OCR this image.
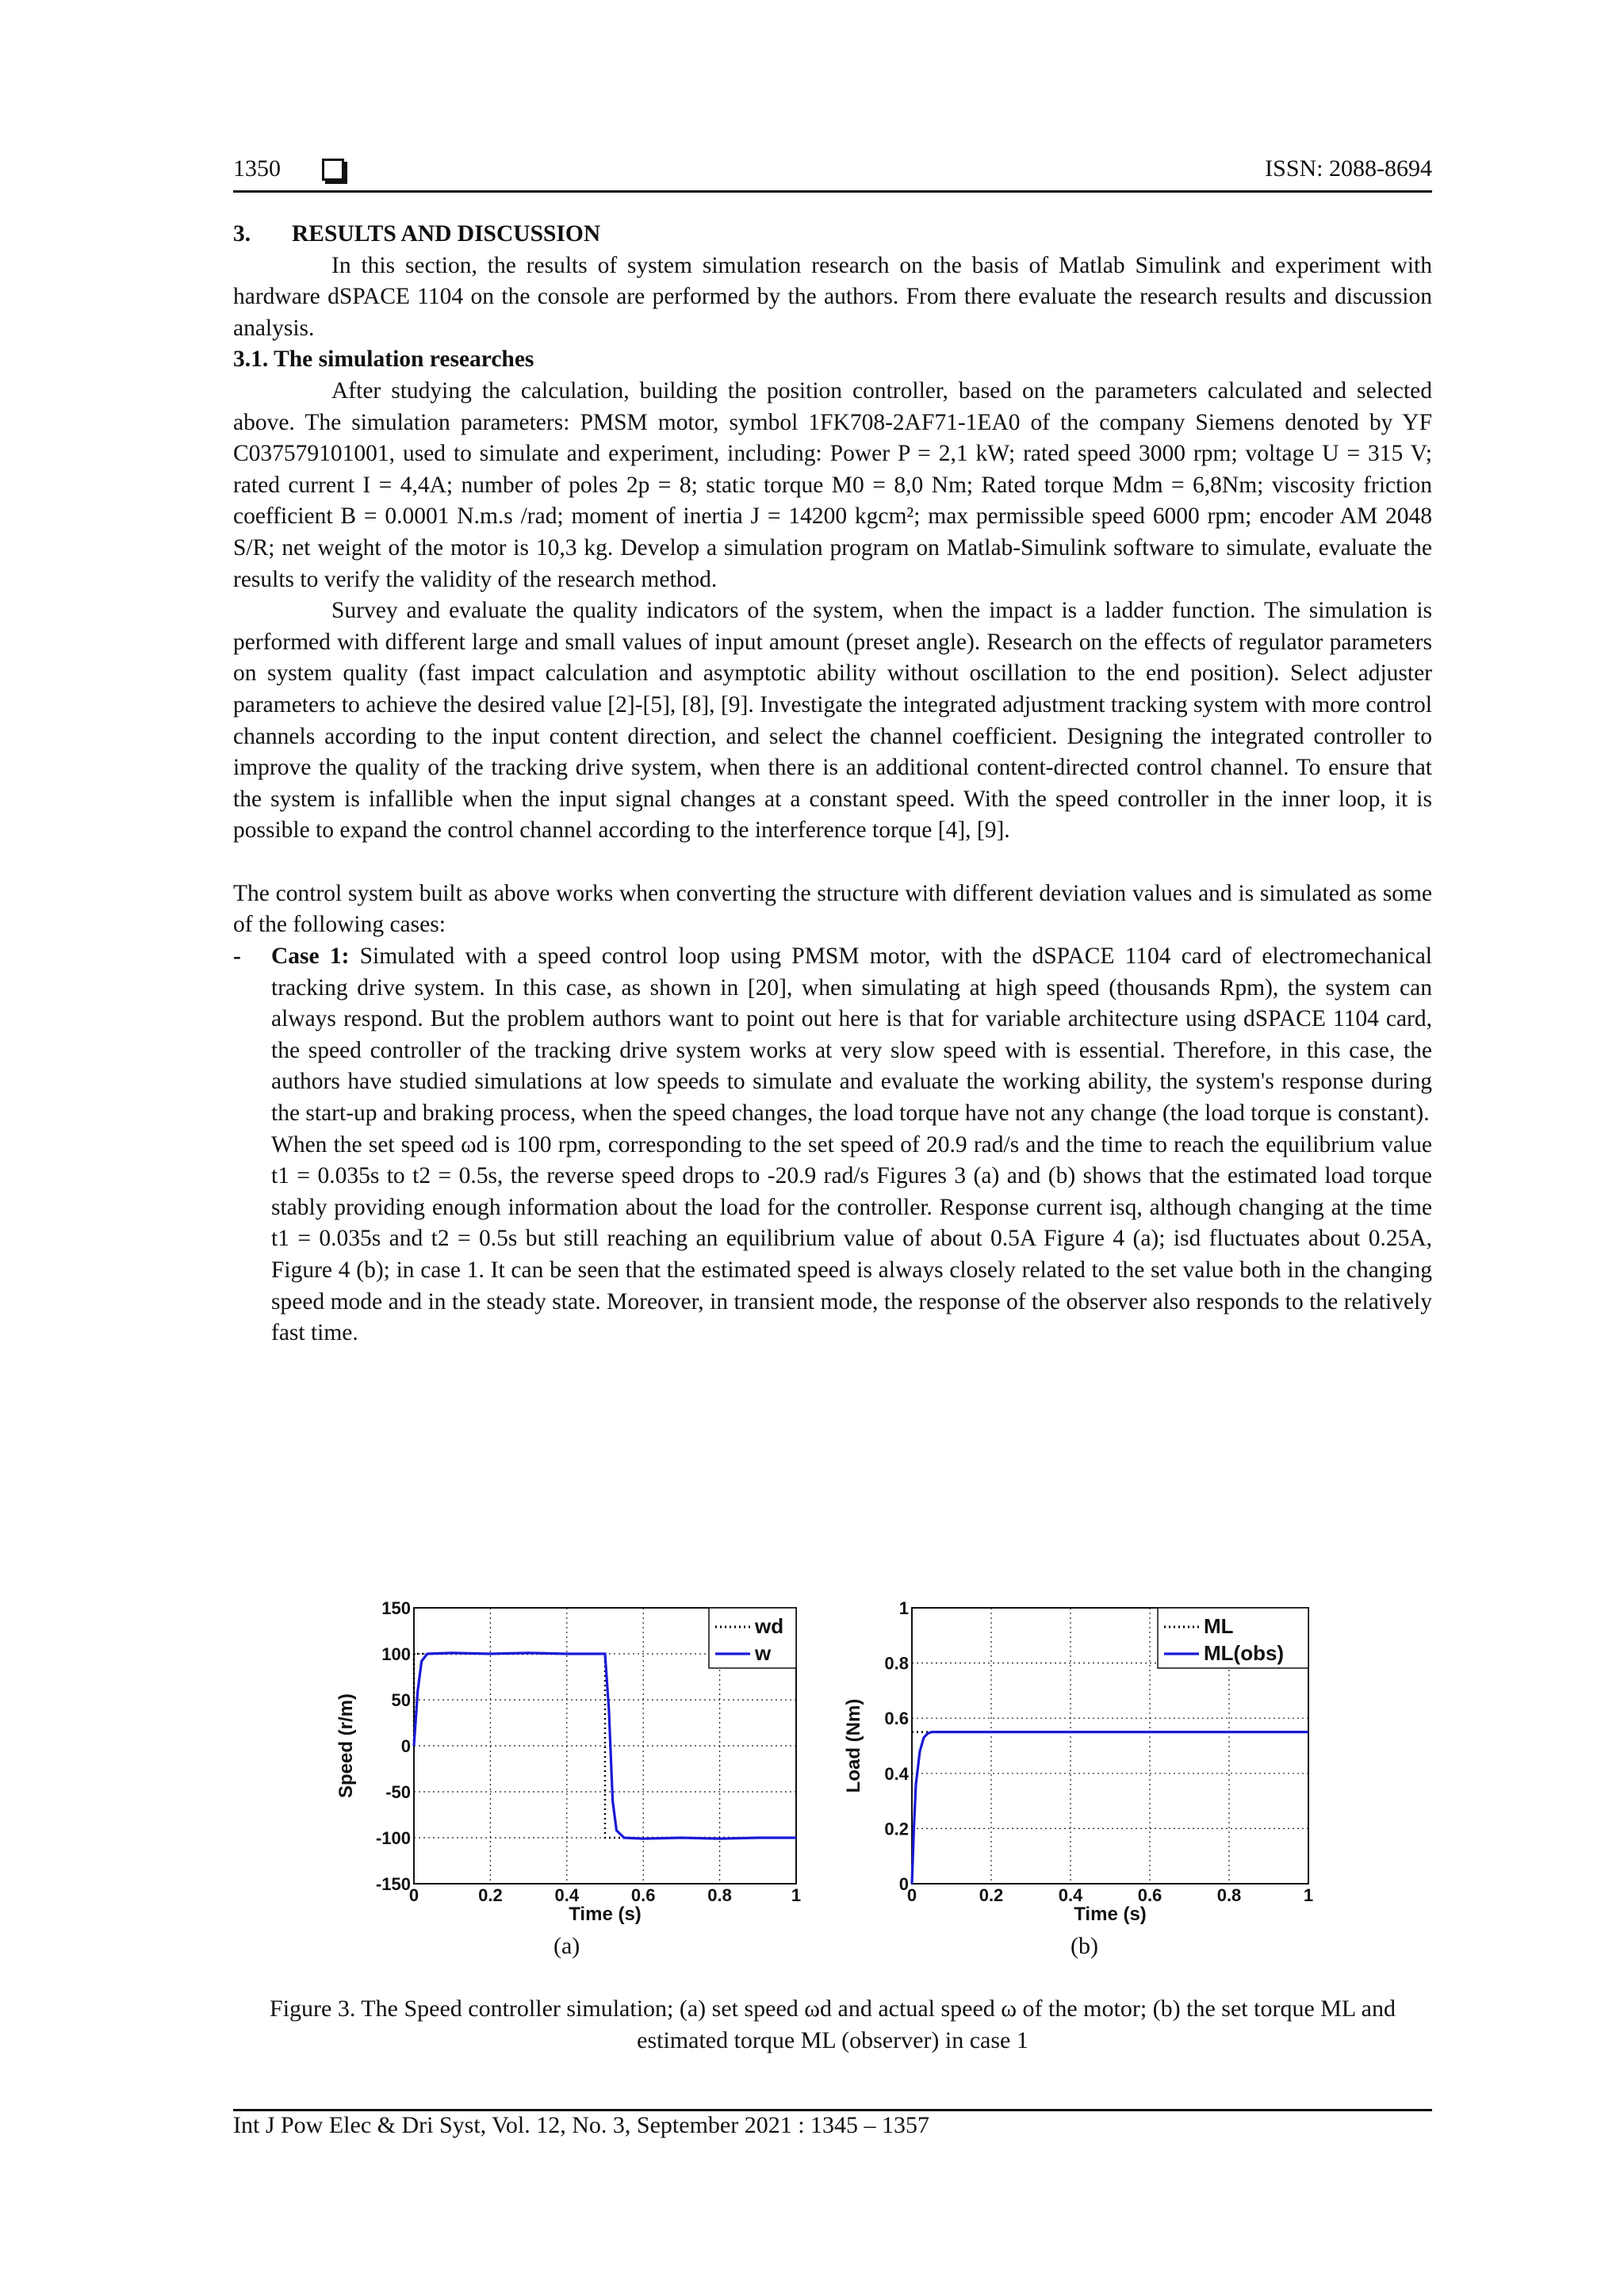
1350	ISSN: 2088-8694

3. RESULTS AND DISCUSSION

In this section, the results of system simulation research on the basis of Matlab Simulink and experiment with hardware dSPACE 1104 on the console are performed by the authors. From there evaluate the research results and discussion analysis.

3.1. The simulation researches

After studying the calculation, building the position controller, based on the parameters calculated and selected above. The simulation parameters: PMSM motor, symbol 1FK708-2AF71-1EA0 of the company Siemens denoted by YF C037579101001, used to simulate and experiment, including: Power P = 2,1 kW; rated speed 3000 rpm; voltage U = 315 V; rated current I = 4,4A; number of poles 2p = 8; static torque M0 = 8,0 Nm; Rated torque Mdm = 6,8Nm; viscosity friction coefficient B = 0.0001 N.m.s /rad; moment of inertia J = 14200 kgcm²; max permissible speed 6000 rpm; encoder AM 2048 S/R; net weight of the motor is 10,3 kg. Develop a simulation program on Matlab-Simulink software to simulate, evaluate the results to verify the validity of the research method.

Survey and evaluate the quality indicators of the system, when the impact is a ladder function. The simulation is performed with different large and small values of input amount (preset angle). Research on the effects of regulator parameters on system quality (fast impact calculation and asymptotic ability without oscillation to the end position). Select adjuster parameters to achieve the desired value [2]-[5], [8], [9]. Investigate the integrated adjustment tracking system with more control channels according to the input content direction, and select the channel coefficient. Designing the integrated controller to improve the quality of the tracking drive system, when there is an additional content-directed control channel. To ensure that the system is infallible when the input signal changes at a constant speed. With the speed controller in the inner loop, it is possible to expand the control channel according to the interference torque [4], [9].

The control system built as above works when converting the structure with different deviation values and is simulated as some of the following cases:

- Case 1: Simulated with a speed control loop using PMSM motor, with the dSPACE 1104 card of electromechanical tracking drive system. In this case, as shown in [20], when simulating at high speed (thousands Rpm), the system can always respond. But the problem authors want to point out here is that for variable architecture using dSPACE 1104 card, the speed controller of the tracking drive system works at very slow speed with is essential. Therefore, in this case, the authors have studied simulations at low speeds to simulate and evaluate the working ability, the system's response during the start-up and braking process, when the speed changes, the load torque have not any change (the load torque is constant).

When the set speed ωd is 100 rpm, corresponding to the set speed of 20.9 rad/s and the time to reach the equilibrium value t1 = 0.035s to t2 = 0.5s, the reverse speed drops to -20.9 rad/s Figures 3 (a) and (b) shows that the estimated load torque stably providing enough information about the load for the controller. Response current isq, although changing at the time t1 = 0.035s and t2 = 0.5s but still reaching an equilibrium value of about 0.5A Figure 4 (a); isd fluctuates about 0.25A, Figure 4 (b); in case 1. It can be seen that the estimated speed is always closely related to the set value both in the changing speed mode and in the steady state. Moreover, in transient mode, the response of the observer also responds to the relatively fast time.

0	0.2	0.4	0.6	0.8	1
150
100
50
0
-50
-100
-150
Time (s)
Speed (r/m)
wd
w
0	0.2	0.4	0.6	0.8	1
1
0.8
0.6
0.4
0.2
0
Time (s)
Load (Nm)
ML
ML(obs)
(a)	(b)
Figure 3. The Speed controller simulation; (a) set speed ωd and actual speed ω of the motor; (b) the set torque ML and estimated torque ML (observer) in case 1
Int J Pow Elec & Dri Syst, Vol. 12, No. 3, September 2021 : 1345 – 1357
